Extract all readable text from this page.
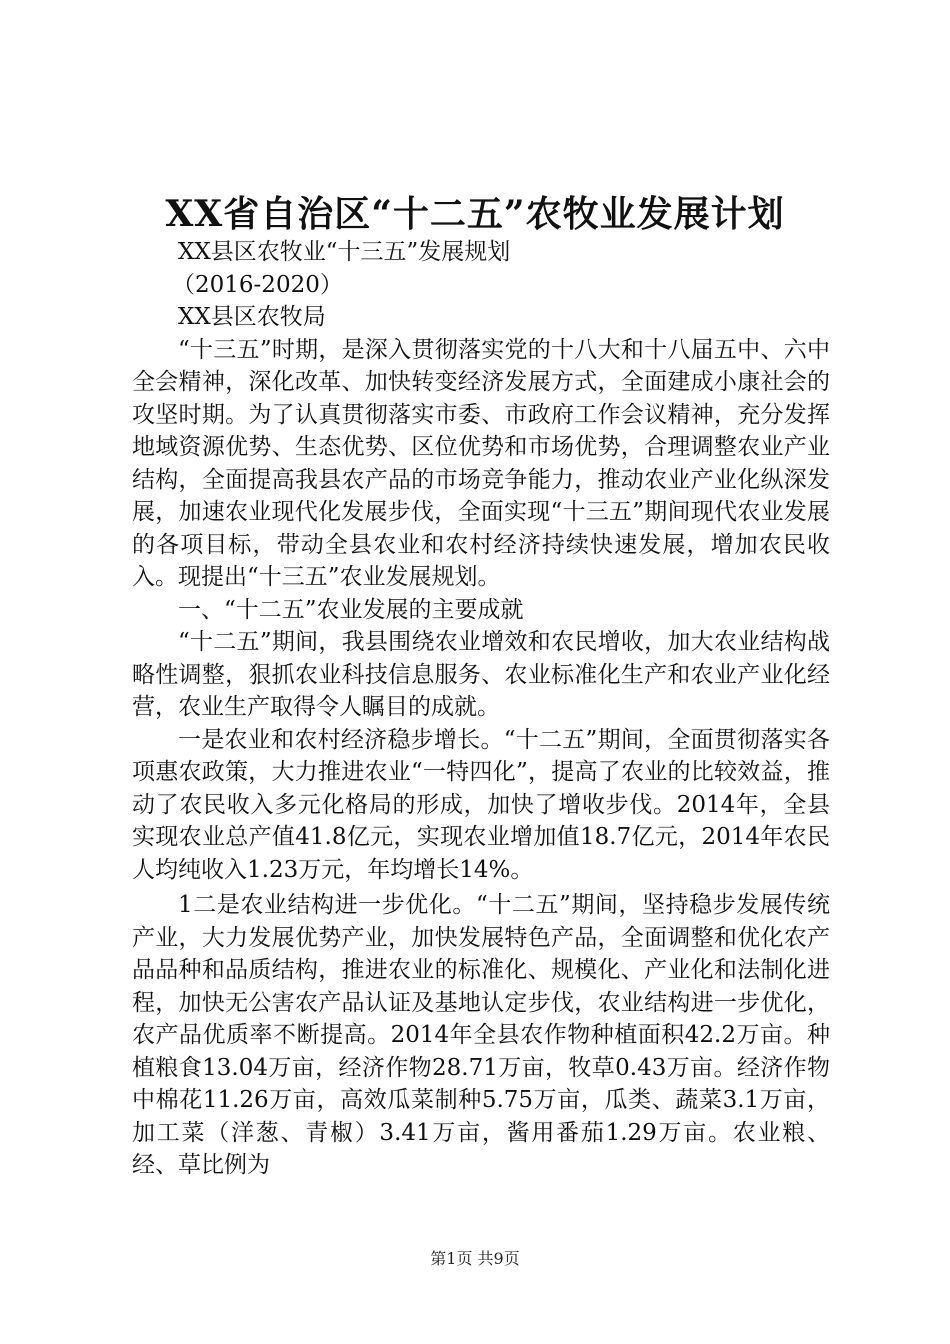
XX省自治区“十二五”农牧业发展计划

XX县区农牧业“十三五”发展规划

（2016-2020）

XX县区农牧局

“十三五”时期，是深入贯彻落实党的十八大和十八届五中、六中全会精神，深化改革、加快转变经济发展方式，全面建成小康社会的攻坚时期。为了认真贯彻落实市委、市政府工作会议精神，充分发挥地域资源优势、生态优势、区位优势和市场优势，合理调整农业产业结构，全面提高我县农产品的市场竞争能力，推动农业产业化纵深发展，加速农业现代化发展步伐，全面实现“十三五”期间现代农业发展的各项目标，带动全县农业和农村经济持续快速发展，增加农民收入。现提出“十三五”农业发展规划。

一、“十二五”农业发展的主要成就

“十二五”期间，我县围绕农业增效和农民增收，加大农业结构战略性调整，狠抓农业科技信息服务、农业标准化生产和农业产业化经营，农业生产取得令人瞩目的成就。

一是农业和农村经济稳步增长。“十二五”期间，全面贯彻落实各项惠农政策，大力推进农业“一特四化”，提高了农业的比较效益，推动了农民收入多元化格局的形成，加快了增收步伐。2014年，全县实现农业总产值41.8亿元，实现农业增加值18.7亿元，2014年农民人均纯收入1.23万元，年均增长14%。

1二是农业结构进一步优化。“十二五”期间，坚持稳步发展传统产业，大力发展优势产业，加快发展特色产品，全面调整和优化农产品品种和品质结构，推进农业的标准化、规模化、产业化和法制化进程，加快无公害农产品认证及基地认定步伐，农业结构进一步优化，农产品优质率不断提高。2014年全县农作物种植面积42.2万亩。种植粮食13.04万亩，经济作物28.71万亩，牧草0.43万亩。经济作物中棉花11.26万亩，高效瓜菜制种5.75万亩，瓜类、蔬菜3.1万亩，加工菜（洋葱、青椒）3.41万亩，酱用番茄1.29万亩。农业粮、经、草比例为

第1页 共9页
